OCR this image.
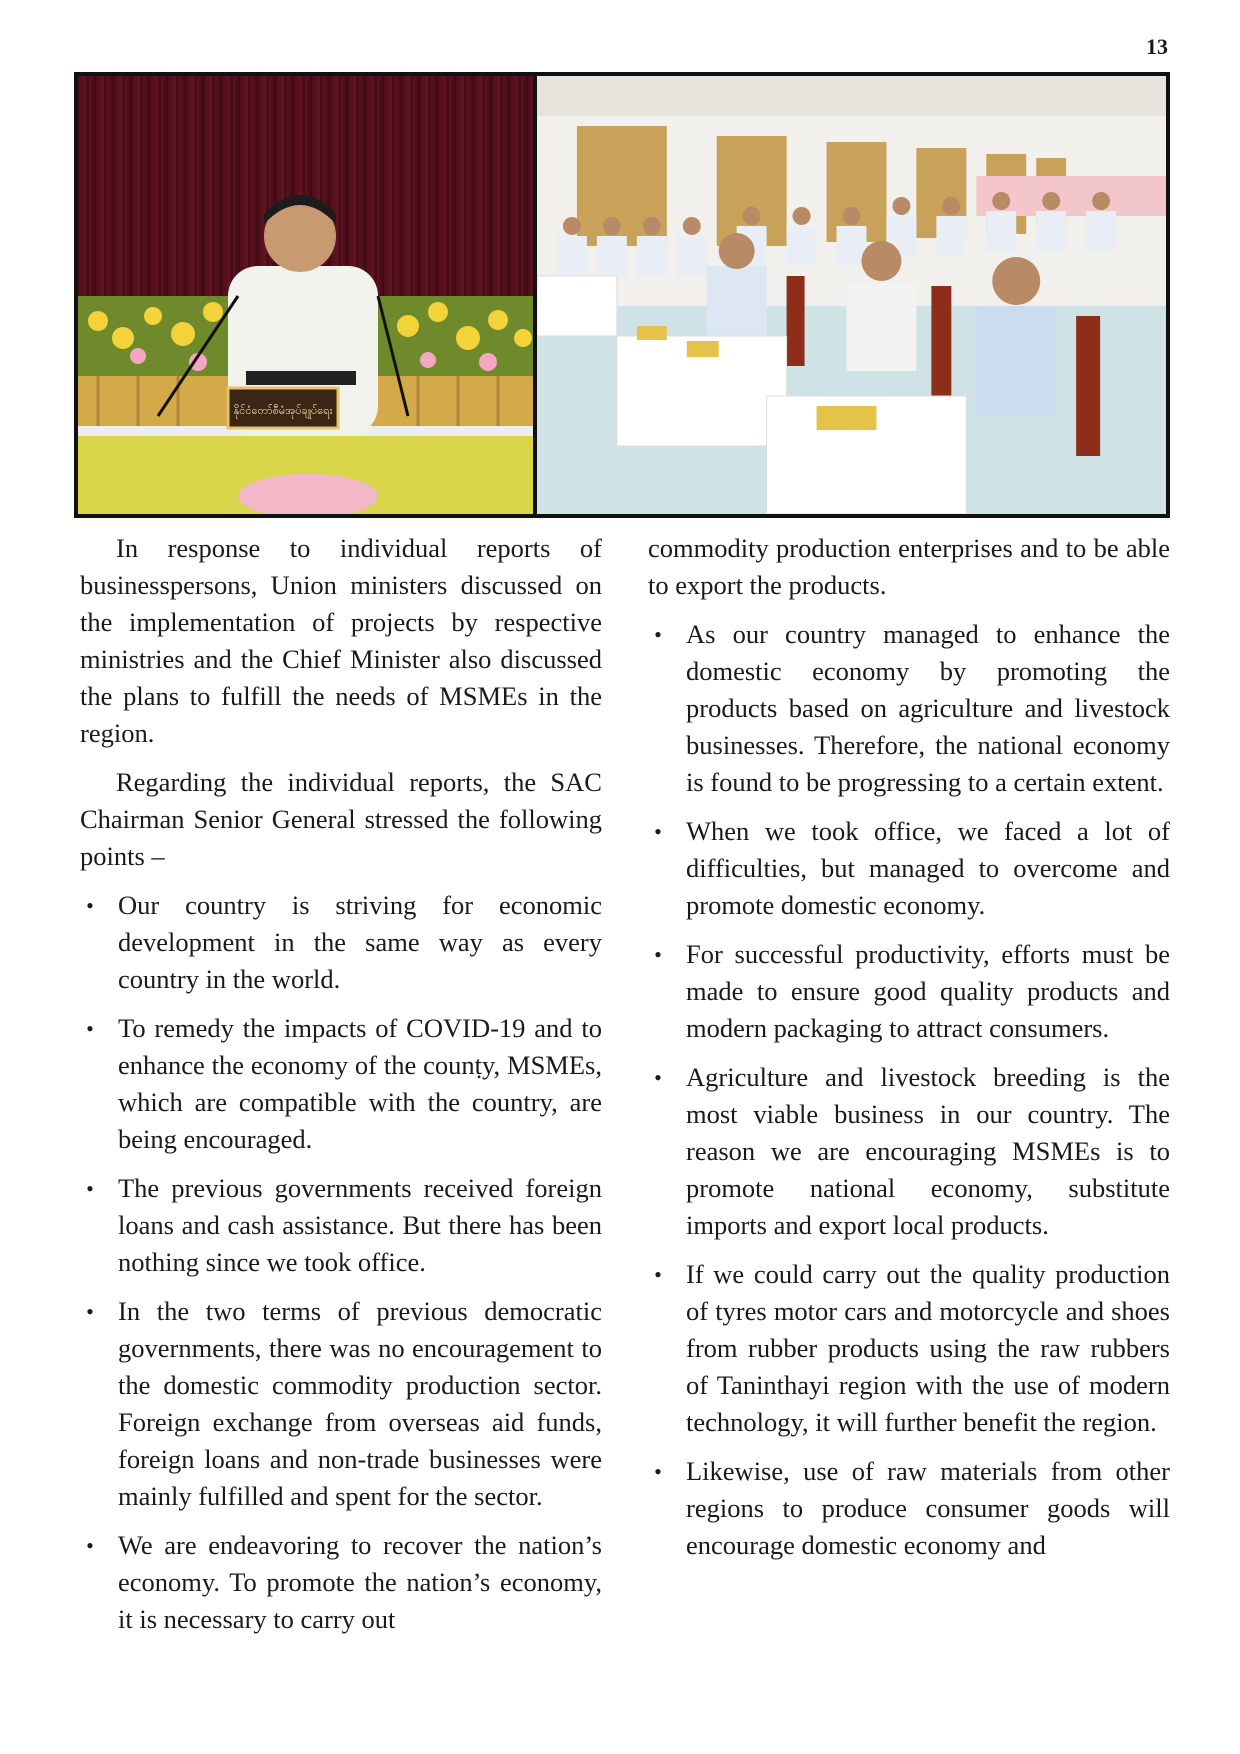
13
နိုင်ငံတော်စီမံအုပ်ချုပ်ရေး

In response to individual reports of businesspersons, Union ministers discussed on the implementation of projects by respective ministries and the Chief Minister also discussed the plans to fulfill the needs of MSMEs in the region.

Regarding the individual reports, the SAC Chairman Senior General stressed the following points –

• Our country is striving for economic development in the same way as every country in the world.
• To remedy the impacts of COVID-19 and to enhance the economy of the counṭy, MSMEs, which are compatible with the country, are being encouraged.
• The previous governments received foreign loans and cash assistance. But there has been nothing since we took office.
• In the two terms of previous democratic governments, there was no encouragement to the domestic commodity production sector. Foreign exchange from overseas aid funds, foreign loans and non-trade businesses were mainly fulfilled and spent for the sector.
• We are endeavoring to recover the nation’s economy. To promote the nation’s economy, it is necessary to carry out

commodity production enterprises and to be able to export the products.

• As our country managed to enhance the domestic economy by promoting the products based on agriculture and livestock businesses. Therefore, the national economy is found to be progressing to a certain extent.
• When we took office, we faced a lot of difficulties, but managed to overcome and promote domestic economy.
• For successful productivity, efforts must be made to ensure good quality products and modern packaging to attract consumers.
• Agriculture and livestock breeding is the most viable business in our country. The reason we are encouraging MSMEs is to promote national economy, substitute imports and export local products.
• If we could carry out the quality production of tyres motor cars and motorcycle and shoes from rubber products using the raw rubbers of Taninthayi region with the use of modern technology, it will further benefit the region.
• Likewise, use of raw materials from other regions to produce consumer goods will encourage domestic economy and
